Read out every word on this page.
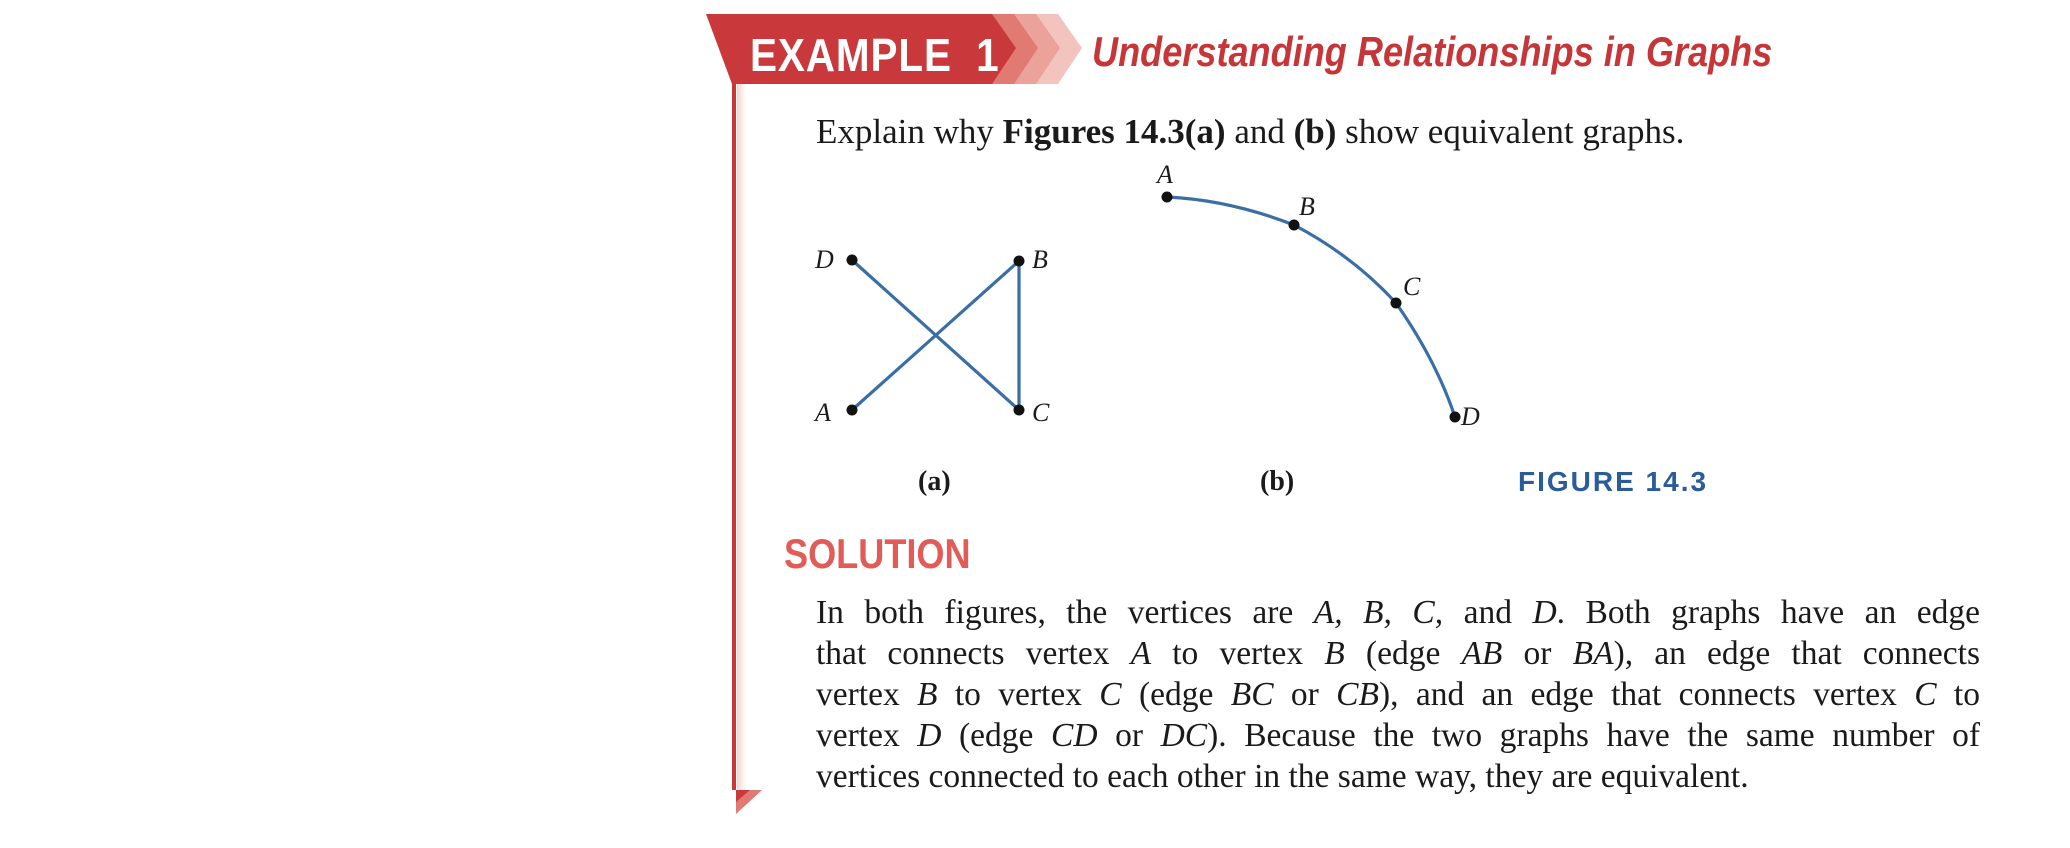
EXAMPLE 1 Understanding Relationships in Graphs
Explain why Figures 14.3(a) and (b) show equivalent graphs.
D	B
A	C
A
B
C
D
(a)	(b)	FIGURE 14.3
SOLUTION
In both figures, the vertices are A, B, C, and D. Both graphs have an edge
that connects vertex A to vertex B (edge AB or BA), an edge that connects
vertex B to vertex C (edge BC or CB), and an edge that connects vertex C to
vertex D (edge CD or DC). Because the two graphs have the same number of
vertices connected to each other in the same way, they are equivalent.
